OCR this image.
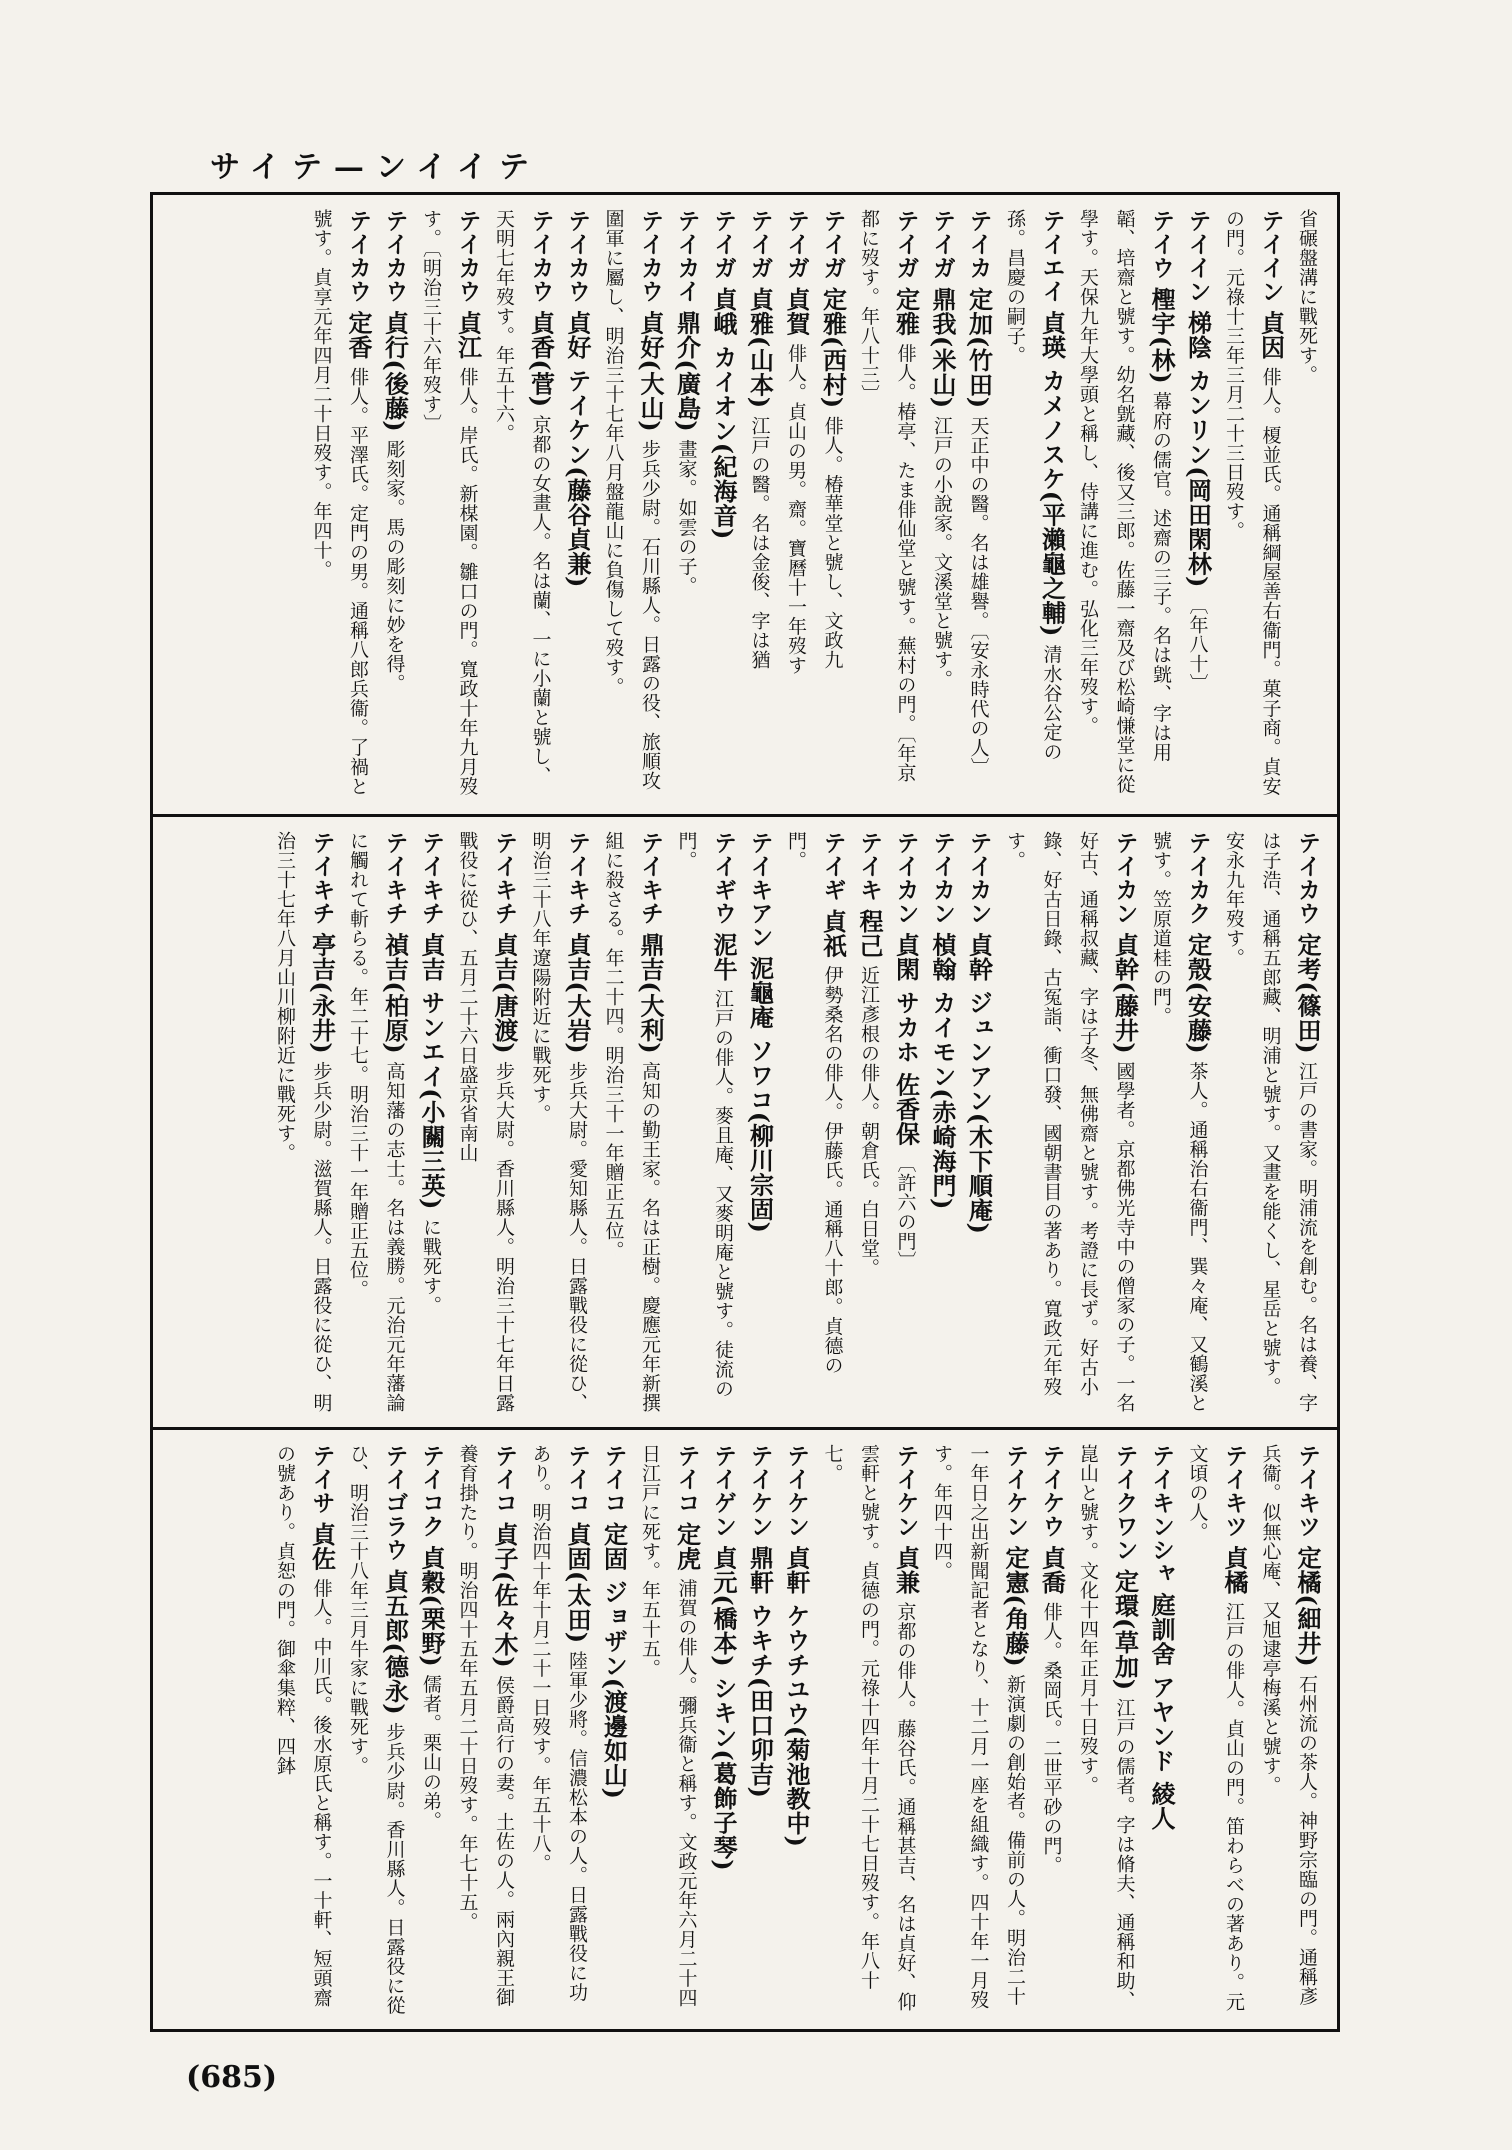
サイテ—ンイイテ
省碾盤溝に戰死す。
テイイン 貞因 俳人。榎並氏。通稱綱屋善右衞門。菓子商。貞安の門。元祿十三年三月二十三日歿す。
テイイン 梯陰 カンリン(岡田閑林) 〔年八十〕
テイウ 檉宇(林) 幕府の儒官。述齋の三子。名は皝、字は用韜、培齋と號す。幼名皝藏、後又三郎。佐藤一齋及び松崎慊堂に從學す。天保九年大學頭と稱し、侍講に進む。弘化三年歿す。
テイエイ 貞瑛 カメノスケ(平瀨龜之輔) 清水谷公定の孫。昌慶の嗣子。
テイカ 定加(竹田) 天正中の醫。名は雄譽。〔安永時代の人〕
テイガ 鼎我(米山) 江戸の小說家。文溪堂と號す。
テイガ 定雅 俳人。椿亭、たま俳仙堂と號す。蕪村の門。〔年京都に歿す。年八十三〕
テイガ 定雅(西村) 俳人。椿華堂と號し、文政九
テイガ 貞賀 俳人。貞山の男。齋。寶曆十一年歿す
テイガ 貞雅(山本) 江戸の醫。名は金俊、字は猶
テイガ 貞峨 カイオン(紀海音)
テイカイ 鼎介(廣島) 畫家。如雲の子。
テイカウ 貞好(大山) 步兵少尉。石川縣人。日露の役、旅順攻圍軍に屬し、明治三十七年八月盤龍山に負傷して歿す。
テイカウ 貞好 テイケン(藤谷貞兼)
テイカウ 貞香(菅) 京都の女畫人。名は蘭、一に小蘭と號し、天明七年歿す。年五十六。
テイカウ 貞江 俳人。岸氏。新楳園。雛口の門。寬政十年九月歿す。〔明治三十六年歿す〕
テイカウ 貞行(後藤) 彫刻家。馬の彫刻に妙を得。
テイカウ 定香 俳人。平澤氏。定門の男。通稱八郎兵衞。了禍と號す。貞享元年四月二十日歿す。年四十。
テイカウ 定考(篠田) 江戸の書家。明浦流を創む。名は養、字は子浩、通稱五郎藏、明浦と號す。又畫を能くし、星岳と號す。安永九年歿す。
テイカク 定殼(安藤) 茶人。通稱治右衞門、巽々庵、又鶴溪と號す。笠原道桂の門。
テイカン 貞幹(藤井) 國學者。京都佛光寺中の僧家の子。一名好古、通稱叔藏、字は子冬、無佛齋と號す。考證に長ず。好古小錄、好古日錄、古冤詣、衝口發、國朝書目の著あり。寬政元年歿す。
テイカン 貞幹 ジュンアン(木下順庵)
テイカン 楨翰 カイモン(赤崎海門)
テイカン 貞閑 サカホ 佐香保 〔許六の門〕
テイキ 程己 近江彥根の俳人。朝倉氏。白日堂。
テイギ 貞祇 伊勢桑名の俳人。伊藤氏。通稱八十郎。貞德の門。
テイキアン 泥龜庵 ソワコ(柳川宗固)
テイギウ 泥牛 江戸の俳人。麥且庵、又麥明庵と號す。徒流の門。
テイキチ 鼎吉(大利) 高知の勤王家。名は正樹。慶應元年新撰組に殺さる。年二十四。明治三十一年贈正五位。
テイキチ 貞吉(大岩) 步兵大尉。愛知縣人。日露戰役に從ひ、明治三十八年遼陽附近に戰死す。
テイキチ 貞吉(唐渡) 步兵大尉。香川縣人。明治三十七年日露戰役に從ひ、五月二十六日盛京省南山
テイキチ 貞吉 サンエイ(小關三英) に戰死す。
テイキチ 禎吉(柏原) 高知藩の志士。名は義勝。元治元年藩論に觸れて斬らる。年二十七。明治三十一年贈正五位。
テイキチ 亭吉(永井) 步兵少尉。滋賀縣人。日露役に從ひ、明治三十七年八月山川柳附近に戰死す。
テイキツ 定橘(細井) 石州流の茶人。神野宗臨の門。通稱彥兵衞。似無心庵、又旭逮亭梅溪と號す。
テイキツ 貞橘 江戸の俳人。貞山の門。笛わらべの著あり。元文頃の人。
テイキンシャ 庭訓舍 アヤンド 綾人
テイクワン 定環(草加) 江戸の儒者。字は脩夫、通稱和助、崑山と號す。文化十四年正月十日歿す。
テイケウ 貞喬 俳人。桑岡氏。二世平砂の門。
テイケン 定憲(角藤) 新演劇の創始者。備前の人。明治二十一年日之出新聞記者となり、十二月一座を組織す。四十年一月歿す。年四十四。
テイケン 貞兼 京都の俳人。藤谷氏。通稱甚吉、名は貞好、仰雲軒と號す。貞德の門。元祿十四年十月二十七日歿す。年八十七。
テイケン 貞軒 ケウチユウ(菊池教中)
テイケン 鼎軒 ウキチ(田口卯吉)
テイゲン 貞元(橋本) シキン(葛飾子琴)
テイコ 定虎 浦賀の俳人。彌兵衞と稱す。文政元年六月二十四日江戸に死す。年五十五。
テイコ 定固 ジョザン(渡邊如山)
テイコ 貞固(太田) 陸軍少將。信濃松本の人。日露戰役に功あり。明治四十年十月二十一日歿す。年五十八。
テイコ 貞子(佐々木) 侯爵高行の妻。土佐の人。兩內親王御養育掛たり。明治四十五年五月二十日歿す。年七十五。
テイコク 貞穀(栗野) 儒者。栗山の弟。
テイゴラウ 貞五郎(德永) 步兵少尉。香川縣人。日露役に從ひ、明治三十八年三月牛家に戰死す。
テイサ 貞佐 俳人。中川氏。後水原氏と稱す。一十軒、短頭齋の號あり。貞恕の門。御傘集粹、四鉢
(685)
